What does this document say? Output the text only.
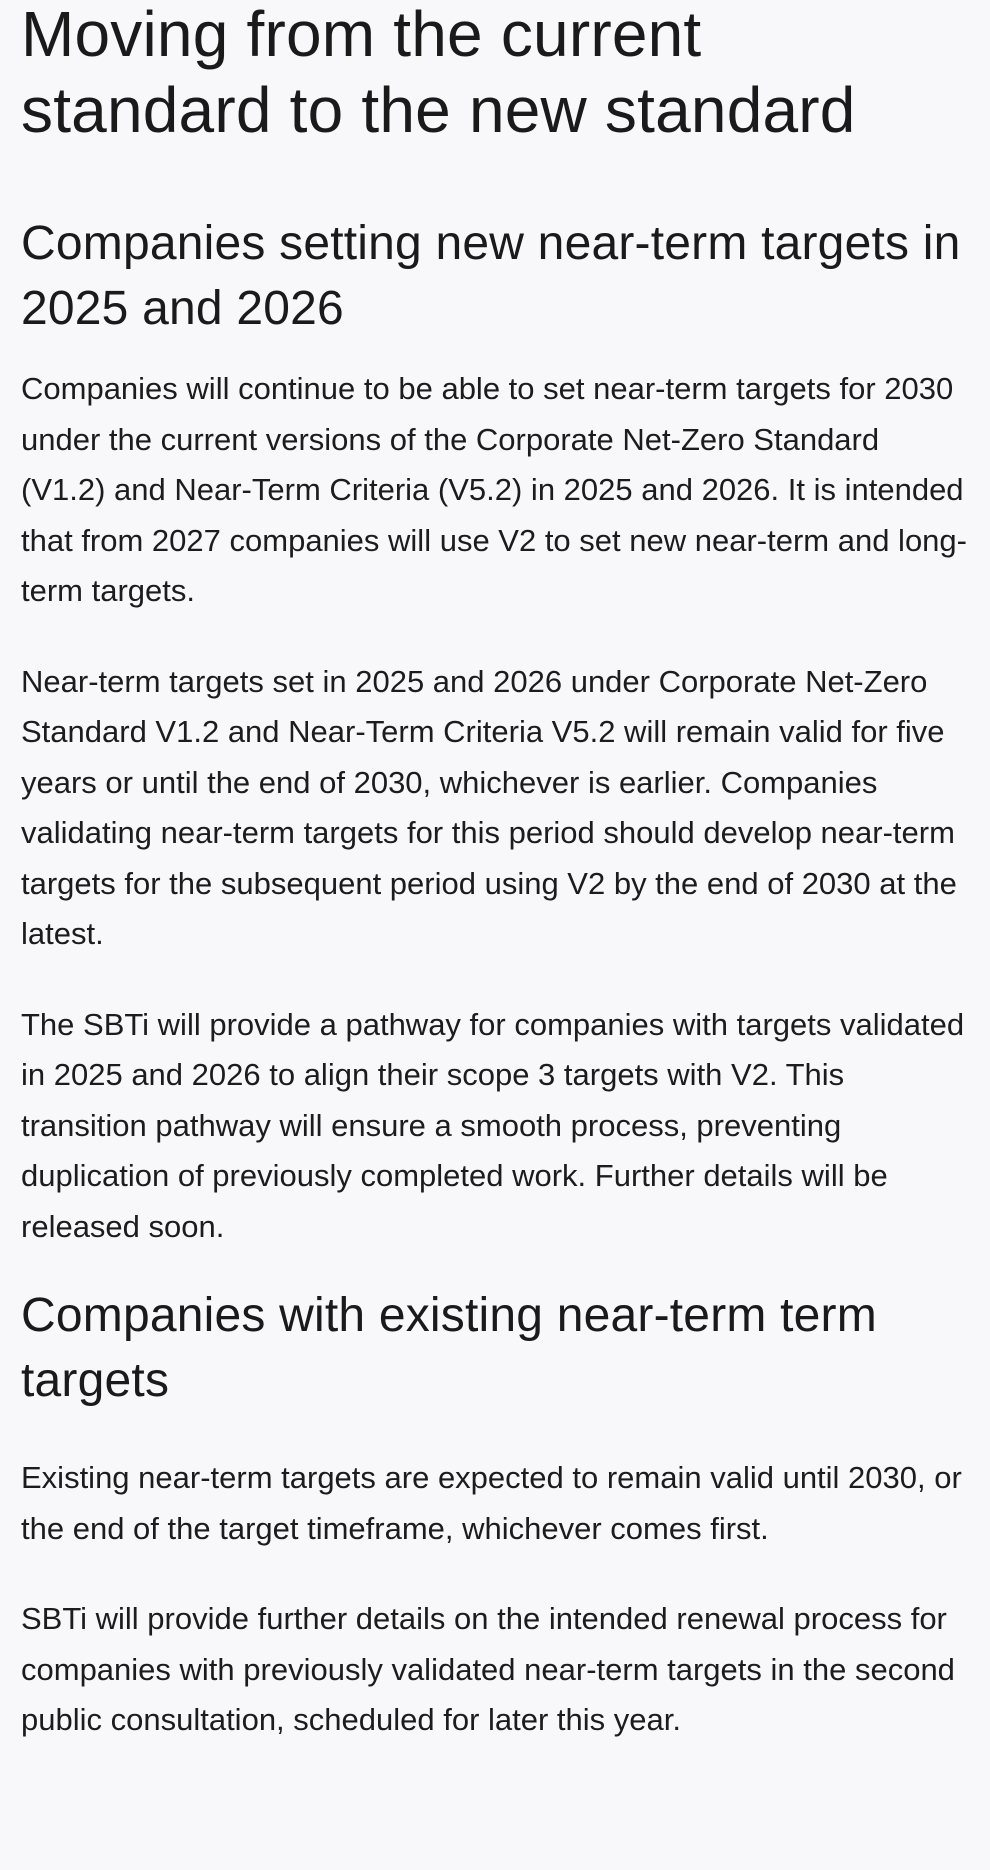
Moving from the current standard to the new standard
Companies setting new near-term targets in 2025 and 2026

Companies will continue to be able to set near-term targets for 2030 under the current versions of the Corporate Net-Zero Standard (V1.2) and Near-Term Criteria (V5.2) in 2025 and 2026. It is intended that from 2027 companies will use V2 to set new near-term and long-term targets.

Near-term targets set in 2025 and 2026 under Corporate Net-Zero Standard V1.2 and Near-Term Criteria V5.2 will remain valid for five years or until the end of 2030, whichever is earlier. Companies validating near-term targets for this period should develop near-term targets for the subsequent period using V2 by the end of 2030 at the latest.

The SBTi will provide a pathway for companies with targets validated in 2025 and 2026 to align their scope 3 targets with V2. This transition pathway will ensure a smooth process, preventing duplication of previously completed work. Further details will be released soon.

Companies with existing near-term term targets

Existing near-term targets are expected to remain valid until 2030, or the end of the target timeframe, whichever comes first.

SBTi will provide further details on the intended renewal process for companies with previously validated near-term targets in the second public consultation, scheduled for later this year.
